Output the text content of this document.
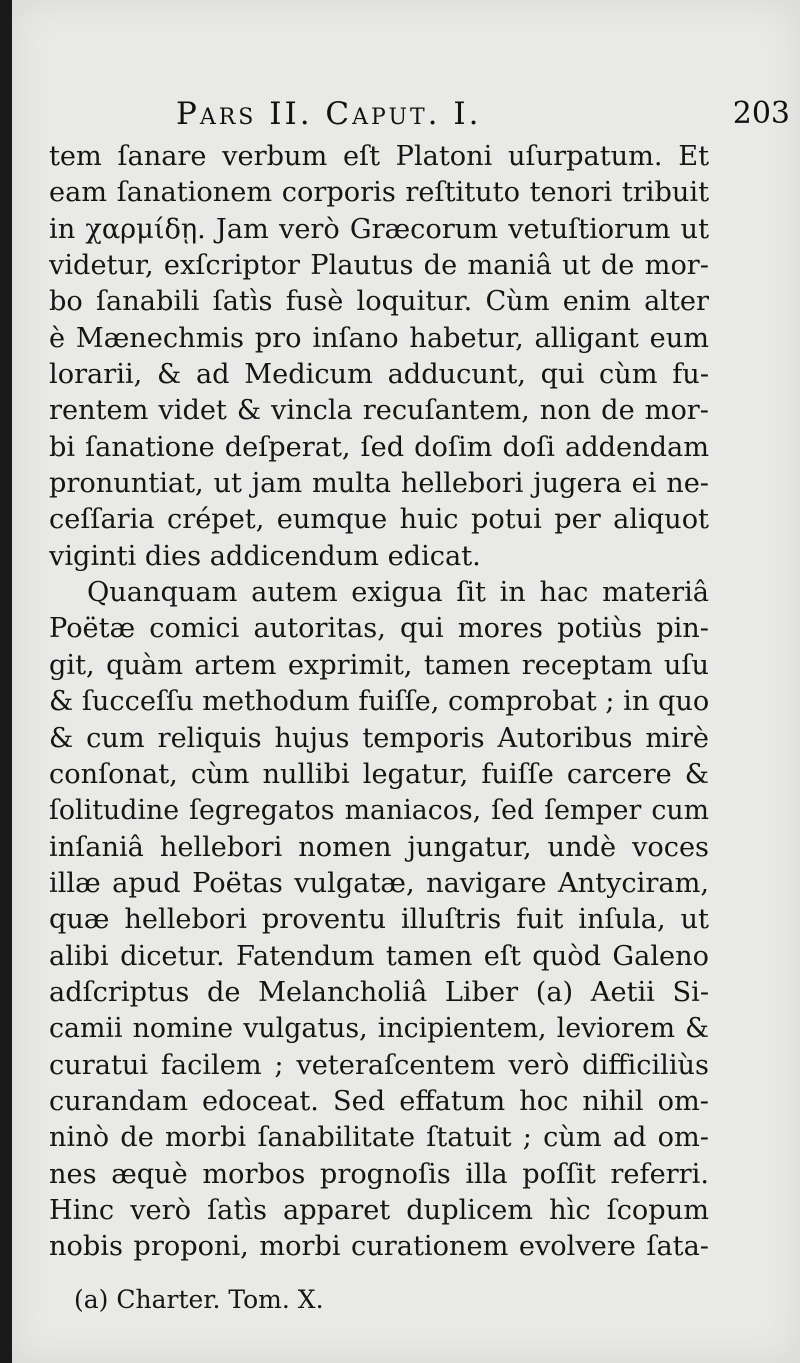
Pars II. Caput. I.	203
tem ſanare verbum eſt Platoni uſurpatum. Et
eam ſanationem corporis reſtituto tenori tribuit
in χαρμίδῃ. Jam verò Græcorum vetuſtiorum ut
videtur, exſcriptor Plautus de maniâ ut de mor-
bo ſanabili ſatìs fusè loquitur. Cùm enim alter
è Mænechmis pro inſano habetur, alligant eum
lorarii, & ad Medicum adducunt, qui cùm fu-
rentem videt & vincla recuſantem, non de mor-
bi ſanatione deſperat, ſed doſim doſi addendam
pronuntiat, ut jam multa hellebori jugera ei ne-
ceſſaria crépet, eumque huic potui per aliquot
viginti dies addicendum edicat.
Quanquam autem exigua ſit in hac materiâ
Poëtæ comici autoritas, qui mores potiùs pin-
git, quàm artem exprimit, tamen receptam uſu
& ſucceſſu methodum fuiſſe, comprobat ; in quo
& cum reliquis hujus temporis Autoribus mirè
conſonat, cùm nullibi legatur, fuiſſe carcere &
ſolitudine ſegregatos maniacos, ſed ſemper cum
inſaniâ hellebori nomen jungatur, undè voces
illæ apud Poëtas vulgatæ, navigare Antyciram,
quæ hellebori proventu illuſtris fuit inſula, ut
alibi dicetur. Fatendum tamen eſt quòd Galeno
adſcriptus de Melancholiâ Liber (a) Aetii Si-
camii nomine vulgatus, incipientem, leviorem &
curatui facilem ; veteraſcentem verò difficiliùs
curandam edoceat. Sed effatum hoc nihil om-
ninò de morbi ſanabilitate ſtatuit ; cùm ad om-
nes æquè morbos prognoſis illa poſſit referri.
Hinc verò ſatìs apparet duplicem hìc ſcopum
nobis proponi, morbi curationem evolvere ſata-
(a) Charter. Tom. X.
